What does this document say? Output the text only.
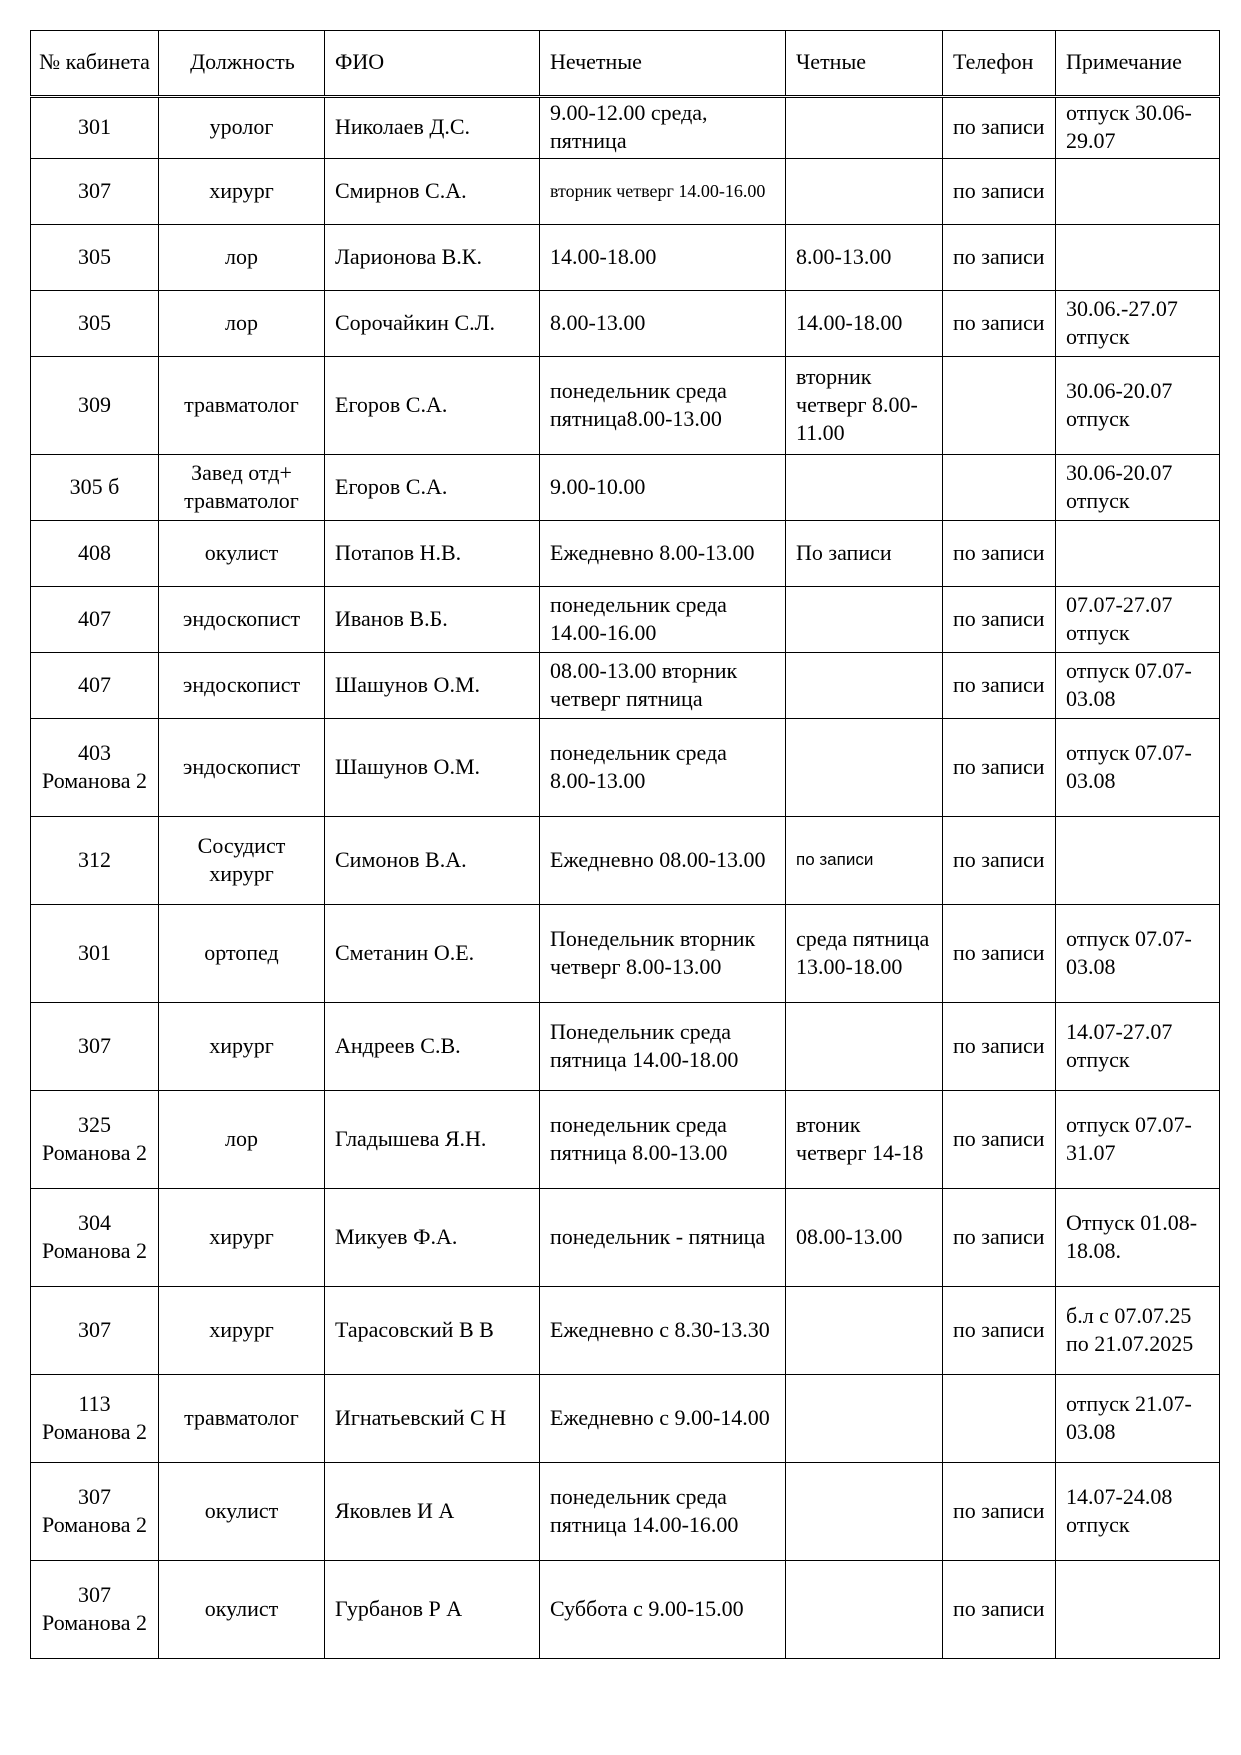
№ кабинета	Должность	ФИО	Нечетные	Четные	Телефон	Примечание
301	уролог	Николаев Д.С.	9.00-12.00 среда, пятница		по записи	отпуск 30.06-29.07
307	хирург	Смирнов С.А.	вторник четверг 14.00-16.00		по записи	
305	лор	Ларионова В.К.	14.00-18.00	8.00-13.00	по записи	
305	лор	Сорочайкин С.Л.	8.00-13.00	14.00-18.00	по записи	30.06.-27.07 отпуск
309	травматолог	Егоров С.А.	понедельник среда пятница8.00-13.00	вторник четверг 8.00-11.00		30.06-20.07 отпуск
305 б	Завед отд+ травматолог	Егоров С.А.	9.00-10.00			30.06-20.07 отпуск
408	окулист	Потапов Н.В.	Ежедневно 8.00-13.00	По записи	по записи	
407	эндоскопист	Иванов В.Б.	понедельник среда 14.00-16.00		по записи	07.07-27.07 отпуск
407	эндоскопист	Шашунов О.М.	08.00-13.00 вторник четверг пятница		по записи	отпуск 07.07-03.08
403 Романова 2	эндоскопист	Шашунов О.М.	понедельник среда 8.00-13.00		по записи	отпуск 07.07-03.08
312	Сосудист хирург	Симонов В.А.	Ежедневно 08.00-13.00	по записи	по записи	
301	ортопед	Сметанин О.Е.	Понедельник вторник четверг 8.00-13.00	среда пятница 13.00-18.00	по записи	отпуск 07.07-03.08
307	хирург	Андреев С.В.	Понедельник среда пятница 14.00-18.00		по записи	14.07-27.07 отпуск
325 Романова 2	лор	Гладышева Я.Н.	понедельник среда пятница 8.00-13.00	втоник четверг 14-18	по записи	отпуск 07.07-31.07
304 Романова 2	хирург	Микуев Ф.А.	понедельник - пятница	08.00-13.00	по записи	Отпуск 01.08-18.08.
307	хирург	Тарасовский В В	Ежедневно с 8.30-13.30		по записи	б.л с 07.07.25 по 21.07.2025
113 Романова 2	травматолог	Игнатьевский С Н	Ежедневно с 9.00-14.00			отпуск 21.07-03.08
307 Романова 2	окулист	Яковлев И А	понедельник среда пятница 14.00-16.00		по записи	14.07-24.08 отпуск
307 Романова 2	окулист	Гурбанов Р А	Суббота с 9.00-15.00		по записи	
